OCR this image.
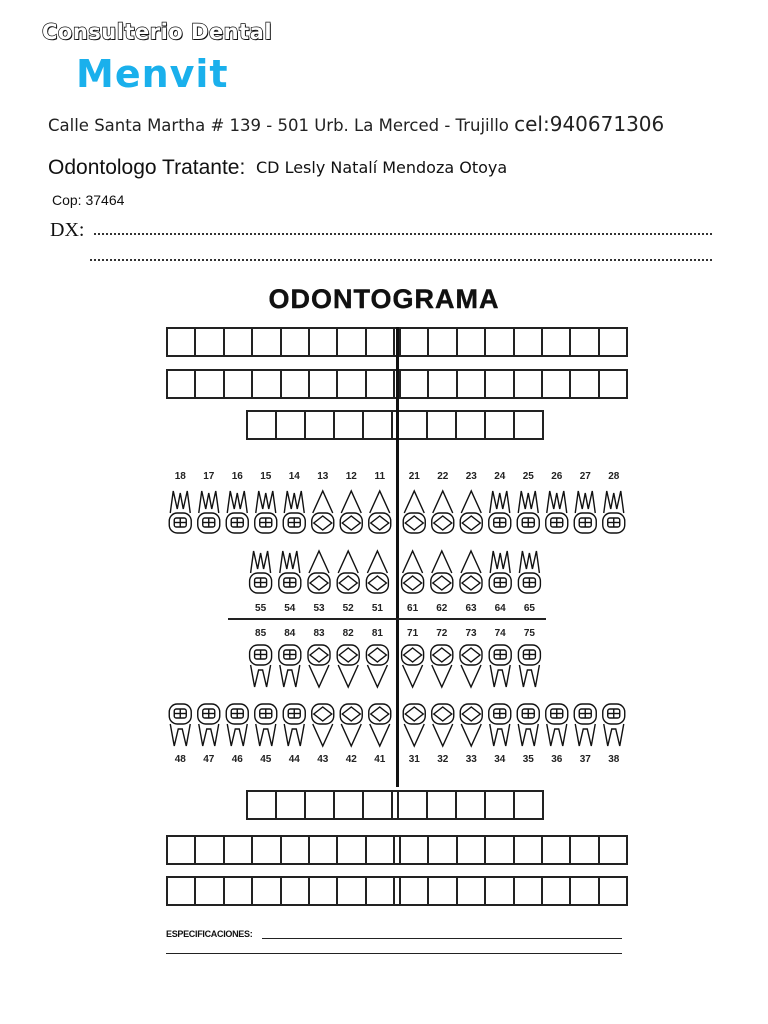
Consulterio Dental
Menvit
Calle Santa Martha # 139 - 501 Urb. La Merced - Trujillo cel:940671306
Odontologo Tratante: CD Lesly Natalí Mendoza Otoya
Cop: 37464
DX:
ODONTOGRAMA
18	17	16	15	14	13	12	11	21	22	23	24	25	26	27	28
55	54	53	52	51	61	62	63	64	65
85	84	83	82	81	71	72	73	74	75
48	47	46	45	44	43	42	41	31	32	33	34	35	36	37	38
ESPECIFICACIONES:
